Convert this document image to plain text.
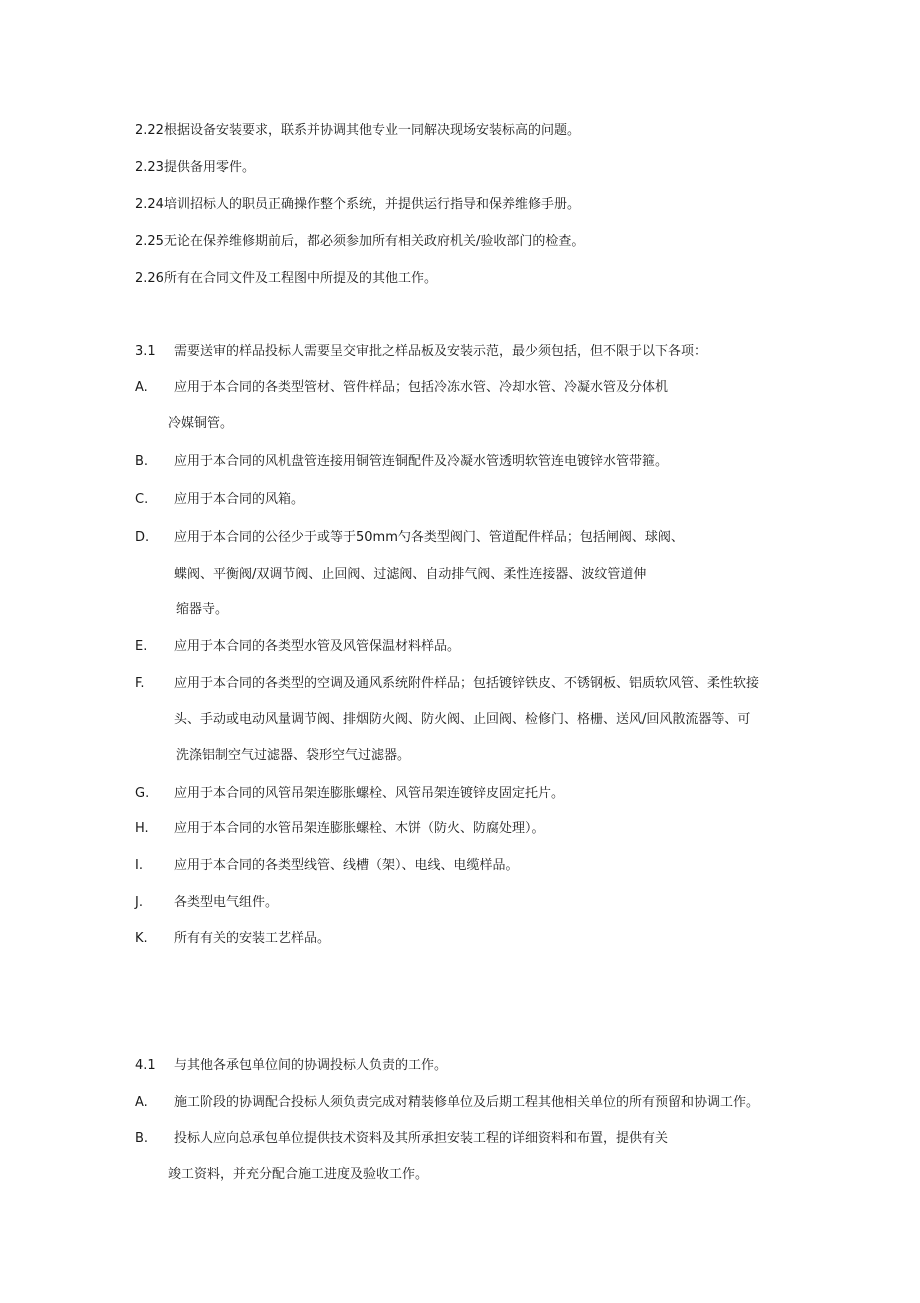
2.22根据设备安装要求，联系并协调其他专业一同解决现场安装标高的问题。
2.23提供备用零件。
2.24培训招标人的职员正确操作整个系统，并提供运行指导和保养维修手册。
2.25无论在保养维修期前后，都必须参加所有相关政府机关/验收部门的检查。
2.26所有在合同文件及工程图中所提及的其他工作。
3.1 需要送审的样品投标人需要呈交审批之样品板及安装示范，最少须包括，但不限于以下各项：
A. 应用于本合同的各类型管材、管件样品；包括冷冻水管、冷却水管、冷凝水管及分体机
冷媒铜管。
B. 应用于本合同的风机盘管连接用铜管连铜配件及冷凝水管透明软管连电镀锌水管带箍。
C. 应用于本合同的风箱。
D. 应用于本合同的公径少于或等于50mm勺各类型阀门、管道配件样品；包括闸阀、球阀、
蝶阀、平衡阀/双调节阀、止回阀、过滤阀、自动排气阀、柔性连接器、波纹管道伸
缩器寺。
E. 应用于本合同的各类型水管及风管保温材料样品。
F. 应用于本合同的各类型的空调及通风系统附件样品；包括镀锌铁皮、不锈钢板、铝质软风管、柔性软接
头、手动或电动风量调节阀、排烟防火阀、防火阀、止回阀、检修门、格栅、送风/回风散流器等、可
洗涤铝制空气过滤器、袋形空气过滤器。
G. 应用于本合同的风管吊架连膨胀螺栓、风管吊架连镀锌皮固定托片。
H. 应用于本合同的水管吊架连膨胀螺栓、木饼（防火、防腐处理）。
I. 应用于本合同的各类型线管、线槽（架）、电线、电缆样品。
J. 各类型电气组件。
K. 所有有关的安装工艺样品。
4.1 与其他各承包单位间的协调投标人负责的工作。
A. 施工阶段的协调配合投标人须负责完成对精装修单位及后期工程其他相关单位的所有预留和协调工作。
B. 投标人应向总承包单位提供技术资料及其所承担安装工程的详细资料和布置，提供有关
竣工资料，并充分配合施工进度及验收工作。
